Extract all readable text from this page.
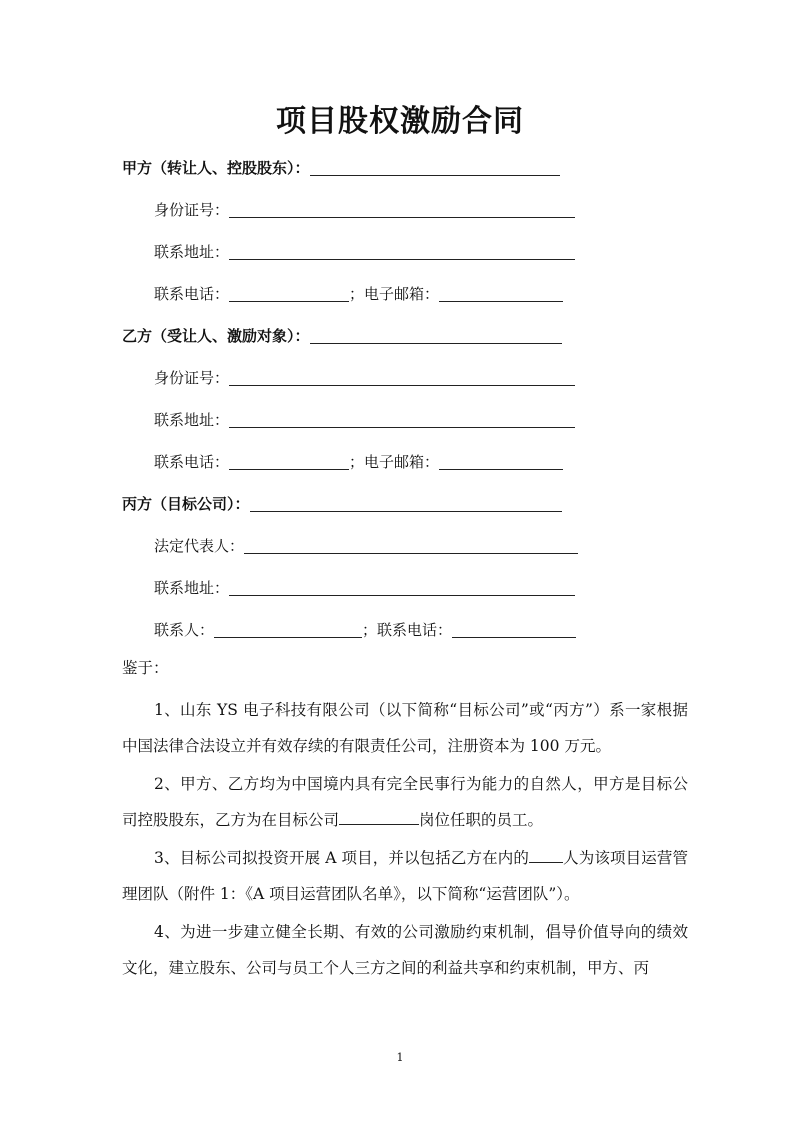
项目股权激励合同
甲方（转让人、控股股东）：
身份证号：
联系地址：
联系电话：	；电子邮箱：
乙方（受让人、激励对象）：
身份证号：
联系地址：
联系电话：	；电子邮箱：
丙方（目标公司）：
法定代表人：
联系地址：
联系人：	；联系电话：
鉴于：
1、山东 YS 电子科技有限公司（以下简称“目标公司”或“丙方”）系一家根据中国法律合法设立并有效存续的有限责任公司，注册资本为 100 万元。
2、甲方、乙方均为中国境内具有完全民事行为能力的自然人，甲方是目标公司控股股东，乙方为在目标公司	岗位任职的员工。
3、目标公司拟投资开展 A 项目，并以包括乙方在内的 人为该项目运营管理团队（附件 1：《A 项目运营团队名单》，以下简称“运营团队”）。
4、为进一步建立健全长期、有效的公司激励约束机制，倡导价值导向的绩效文化，建立股东、公司与员工个人三方之间的利益共享和约束机制，甲方、丙
1
